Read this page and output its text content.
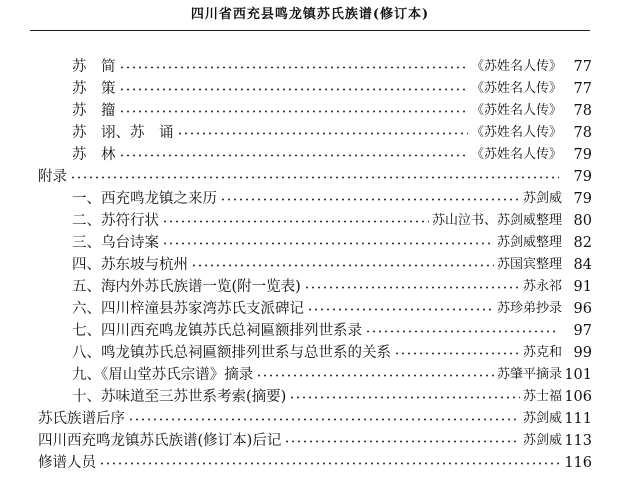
四川省西充县鸣龙镇苏氏族谱(修订本)
苏　简	《苏姓名人传》 77
苏　策	《苏姓名人传》 77
苏　籀	《苏姓名人传》 78
苏　诩、苏　诵	《苏姓名人传》 78
苏　林	《苏姓名人传》 79
附录	79
一、西充鸣龙镇之来历	苏剑威 79
二、苏符行状	苏山泣书、苏剑威整理 80
三、乌台诗案	苏剑威整理 82
四、苏东坡与杭州	苏国宾整理 84
五、海内外苏氏族谱一览(附一览表)	苏永祁 91
六、四川梓潼县苏家湾苏氏支派碑记	苏珍弟抄录 96
七、四川西充鸣龙镇苏氏总祠匾额排列世系录	97
八、鸣龙镇苏氏总祠匾额排列世系与总世系的关系	苏克和 99
九、《眉山堂苏氏宗谱》摘录	苏肇平摘录 101
十、苏味道至三苏世系考索(摘要)	苏士福 106
苏氏族谱后序	苏剑威 111
四川西充鸣龙镇苏氏族谱(修订本)后记	苏剑威 113
修谱人员	116
